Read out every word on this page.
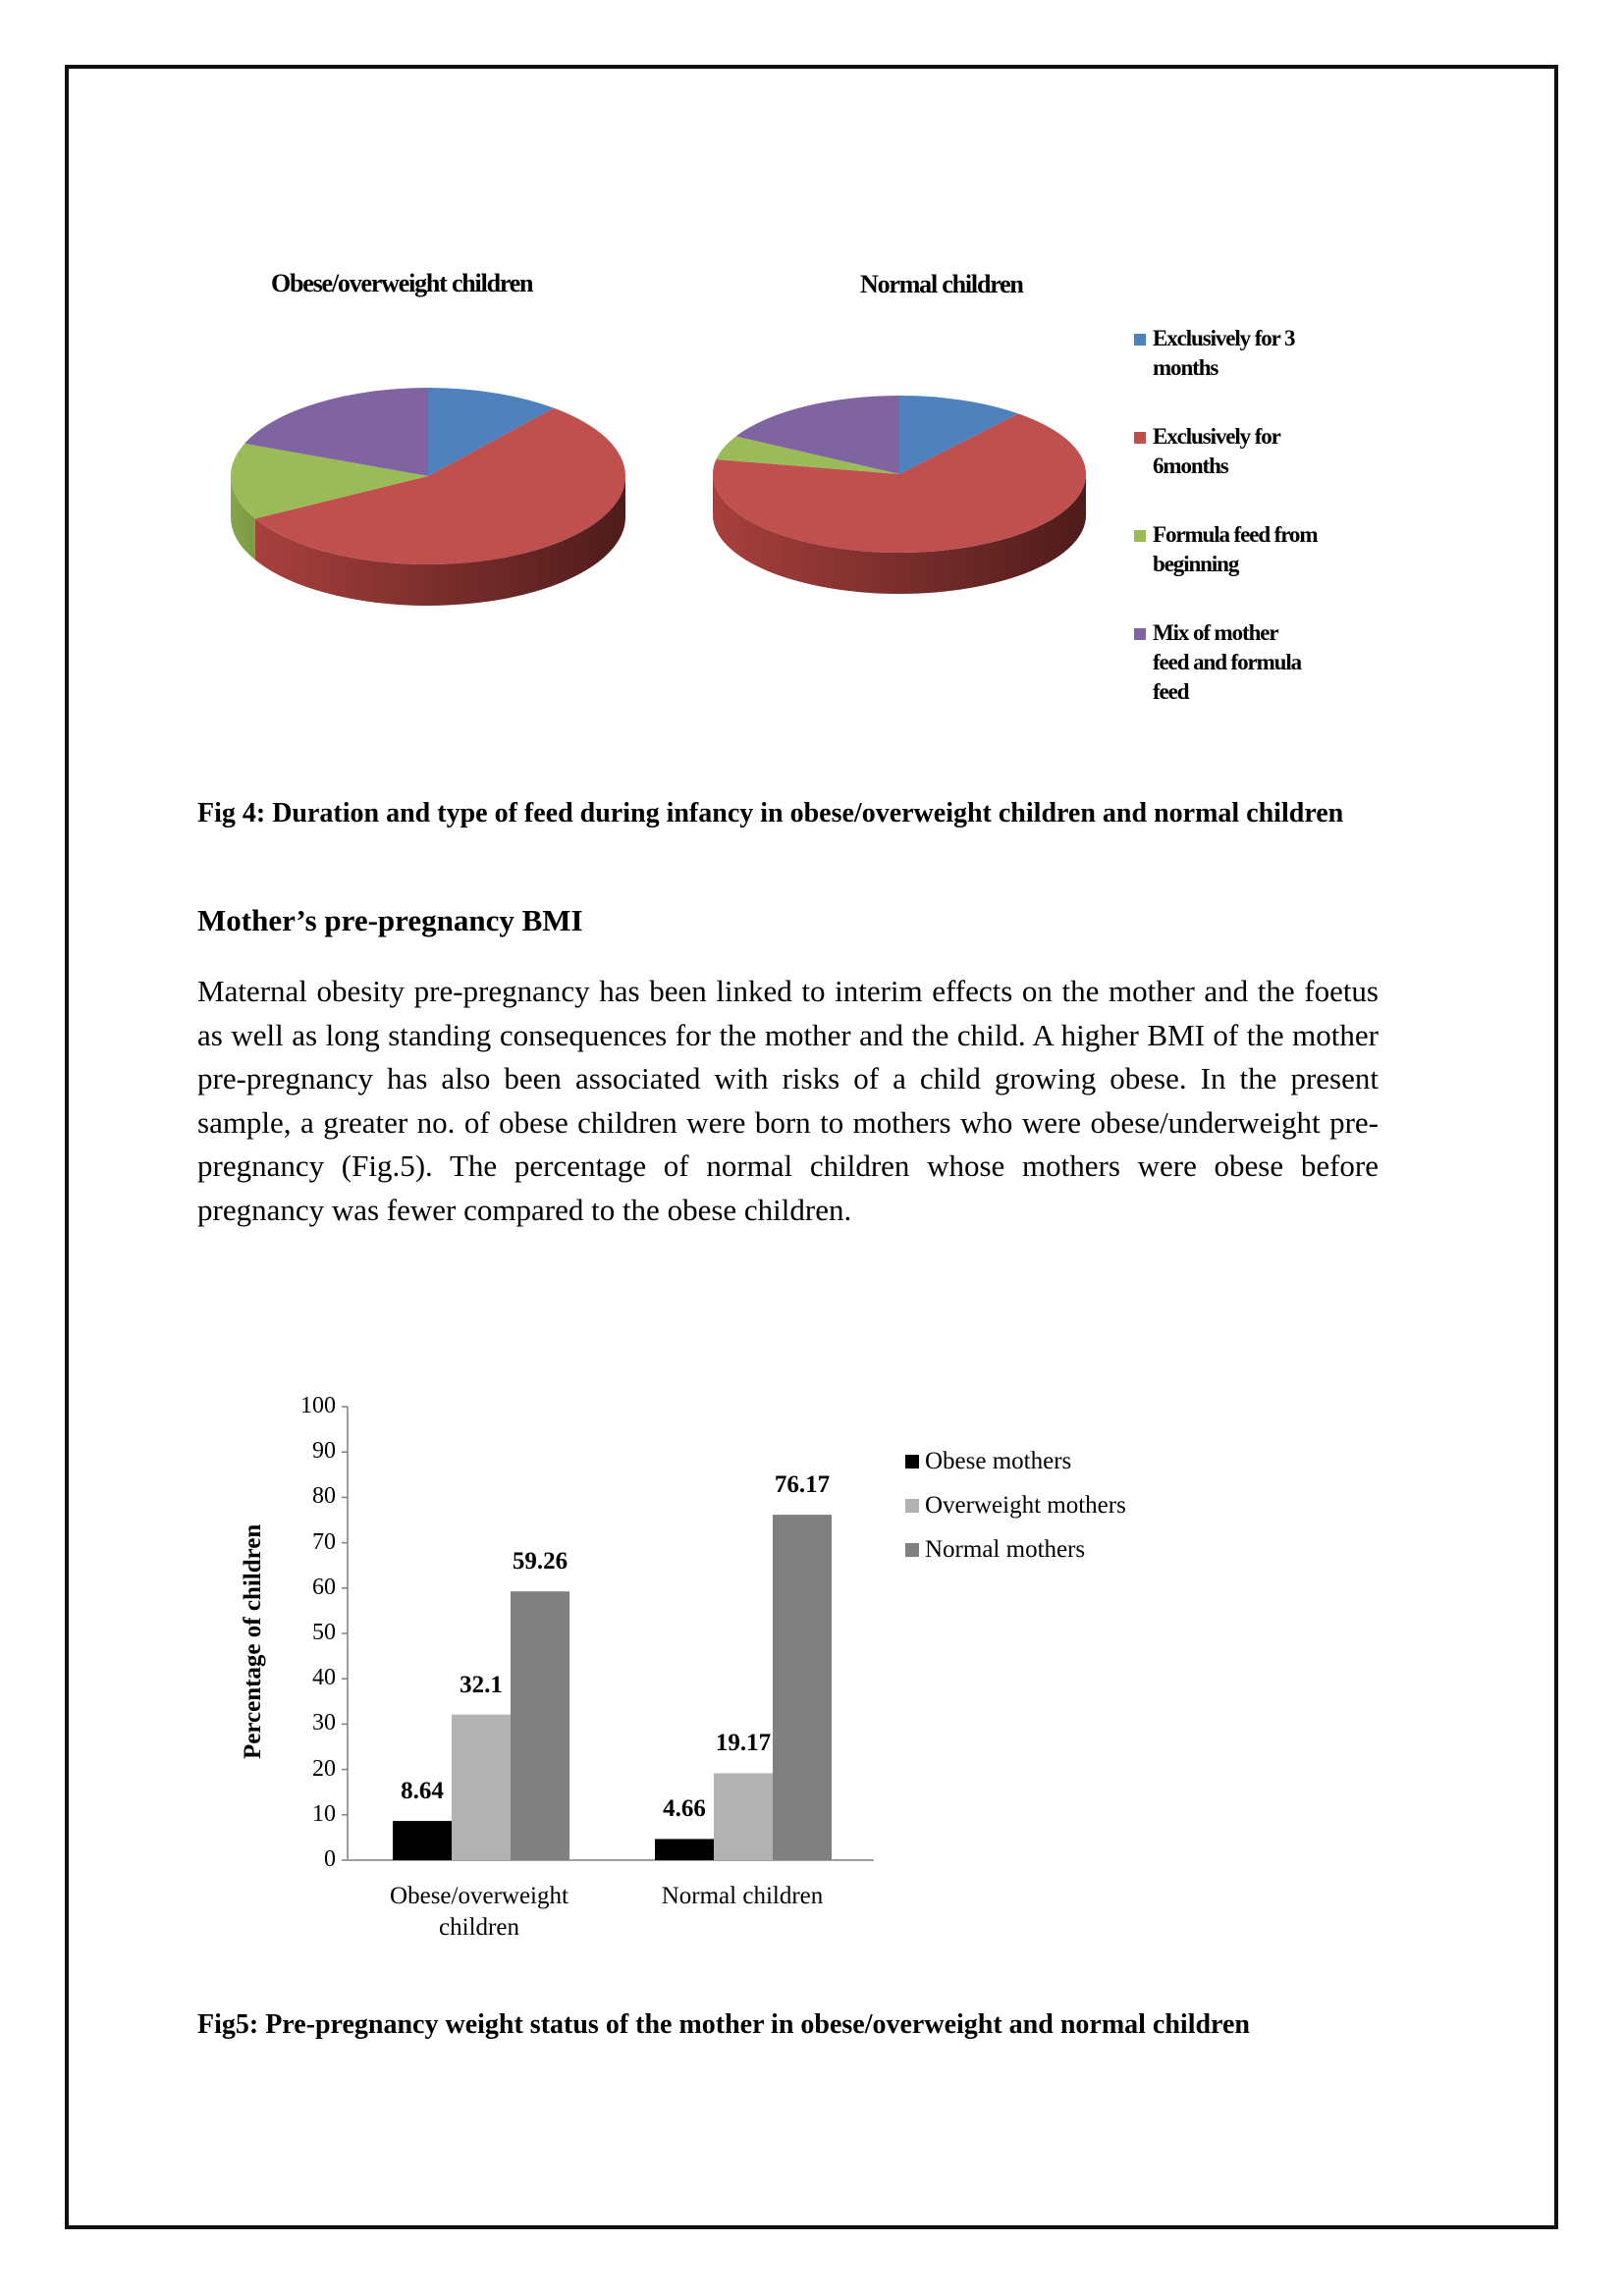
Obese/overweight children	Normal children
Exclusively for 3
months
Exclusively for
6months
Formula feed from
beginning
Mix of mother
feed and formula
feed
Fig 4: Duration and type of feed during infancy in obese/overweight children and normal children
Mother’s pre-pregnancy BMI
Maternal obesity pre-pregnancy has been linked to interim effects on the mother and the foetus as well as long standing consequences for the mother and the child. A higher BMI of the mother pre-pregnancy has also been associated with risks of a child growing obese. In the present sample, a greater no. of obese children were born to mothers who were obese/underweight pre-pregnancy (Fig.5). The percentage of normal children whose mothers were obese before pregnancy was fewer compared to the obese children.
Percentage of children
0
10
20
30
40
50
60
70
80
90
100
8.64
32.1
59.26
4.66
19.17
76.17
Obese/overweight
children
Normal children
Obese mothers
Overweight mothers
Normal mothers
Fig5: Pre-pregnancy weight status of the mother in obese/overweight and normal children
